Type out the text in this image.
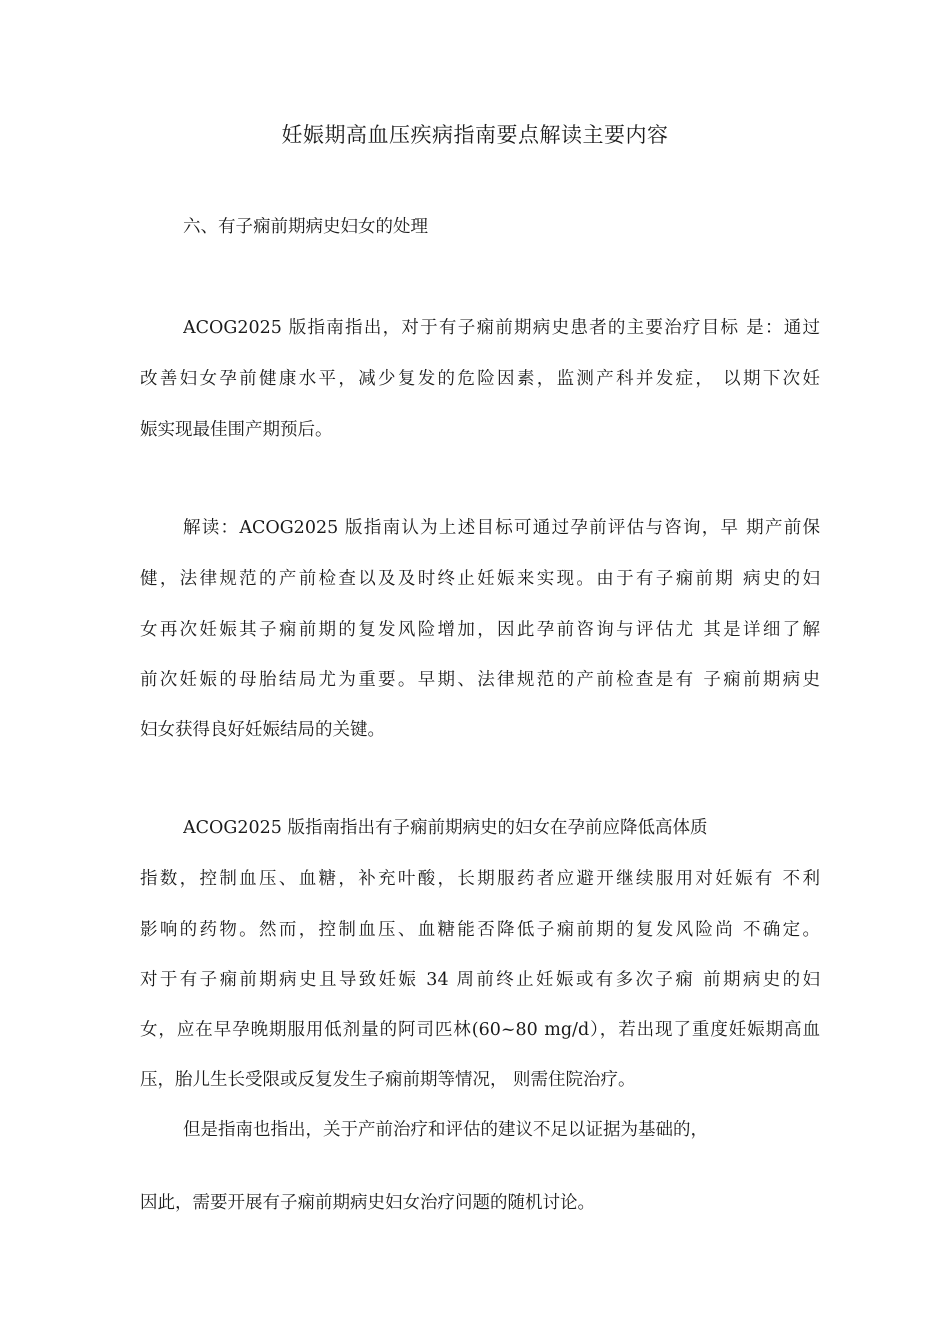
妊娠期高血压疾病指南要点解读主要内容
六、有子痫前期病史妇女的处理
ACOG2025 版指南指出，对于有子痫前期病史患者的主要治疗目标 是：通过
改善妇女孕前健康水平，减少复发的危险因素，监测产科并发症， 以期下次妊
娠实现最佳围产期预后。
解读：ACOG2025 版指南认为上述目标可通过孕前评估与咨询，早 期产前保
健，法律规范的产前检查以及及时终止妊娠来实现。由于有子痫前期 病史的妇
女再次妊娠其子痫前期的复发风险增加，因此孕前咨询与评估尤 其是详细了解
前次妊娠的母胎结局尤为重要。早期、法律规范的产前检查是有 子痫前期病史
妇女获得良好妊娠结局的关键。
ACOG2025 版指南指出有子痫前期病史的妇女在孕前应降低高体质
指数，控制血压、血糖，补充叶酸，长期服药者应避开继续服用对妊娠有 不利
影响的药物。然而，控制血压、血糖能否降低子痫前期的复发风险尚 不确定。
对于有子痫前期病史且导致妊娠 34 周前终止妊娠或有多次子痫 前期病史的妇
女，应在早孕晚期服用低剂量的阿司匹林(60~80 mg/d），若出现了重度妊娠期高血
压，胎儿生长受限或反复发生子痫前期等情况， 则需住院治疗。
但是指南也指出，关于产前治疗和评估的建议不足以证据为基础的，
因此，需要开展有子痫前期病史妇女治疗问题的随机讨论。
